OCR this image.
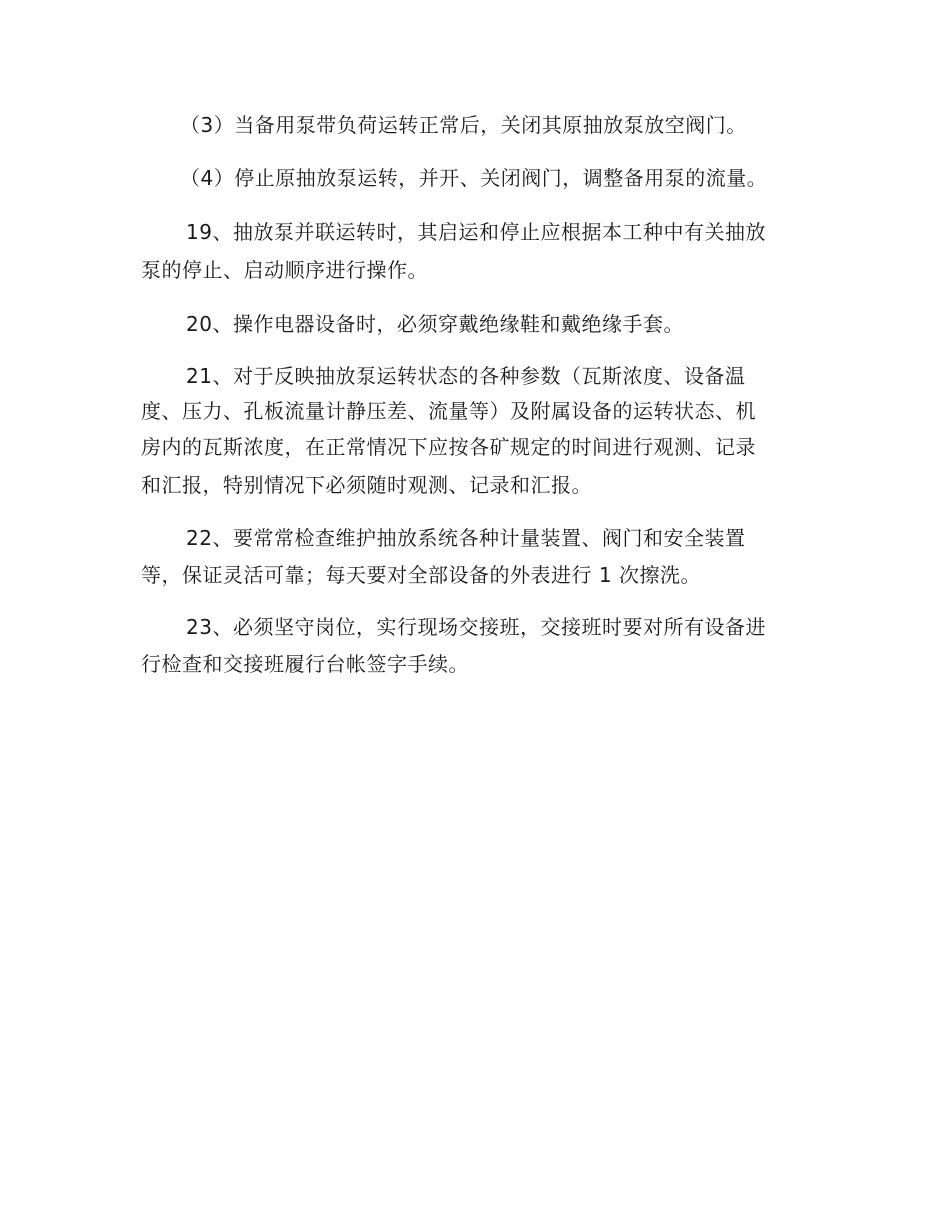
（3）当备用泵带负荷运转正常后，关闭其原抽放泵放空阀门。
（4）停止原抽放泵运转，并开、关闭阀门，调整备用泵的流量。
19、抽放泵并联运转时，其启运和停止应根据本工种中有关抽放
泵的停止、启动顺序进行操作。
20、操作电器设备时，必须穿戴绝缘鞋和戴绝缘手套。
21、对于反映抽放泵运转状态的各种参数（瓦斯浓度、设备温
度、压力、孔板流量计静压差、流量等）及附属设备的运转状态、机
房内的瓦斯浓度，在正常情况下应按各矿规定的时间进行观测、记录
和汇报，特别情况下必须随时观测、记录和汇报。
22、要常常检查维护抽放系统各种计量装置、阀门和安全装置
等，保证灵活可靠；每天要对全部设备的外表进行 1 次擦洗。
23、必须坚守岗位，实行现场交接班，交接班时要对所有设备进
行检查和交接班履行台帐签字手续。
